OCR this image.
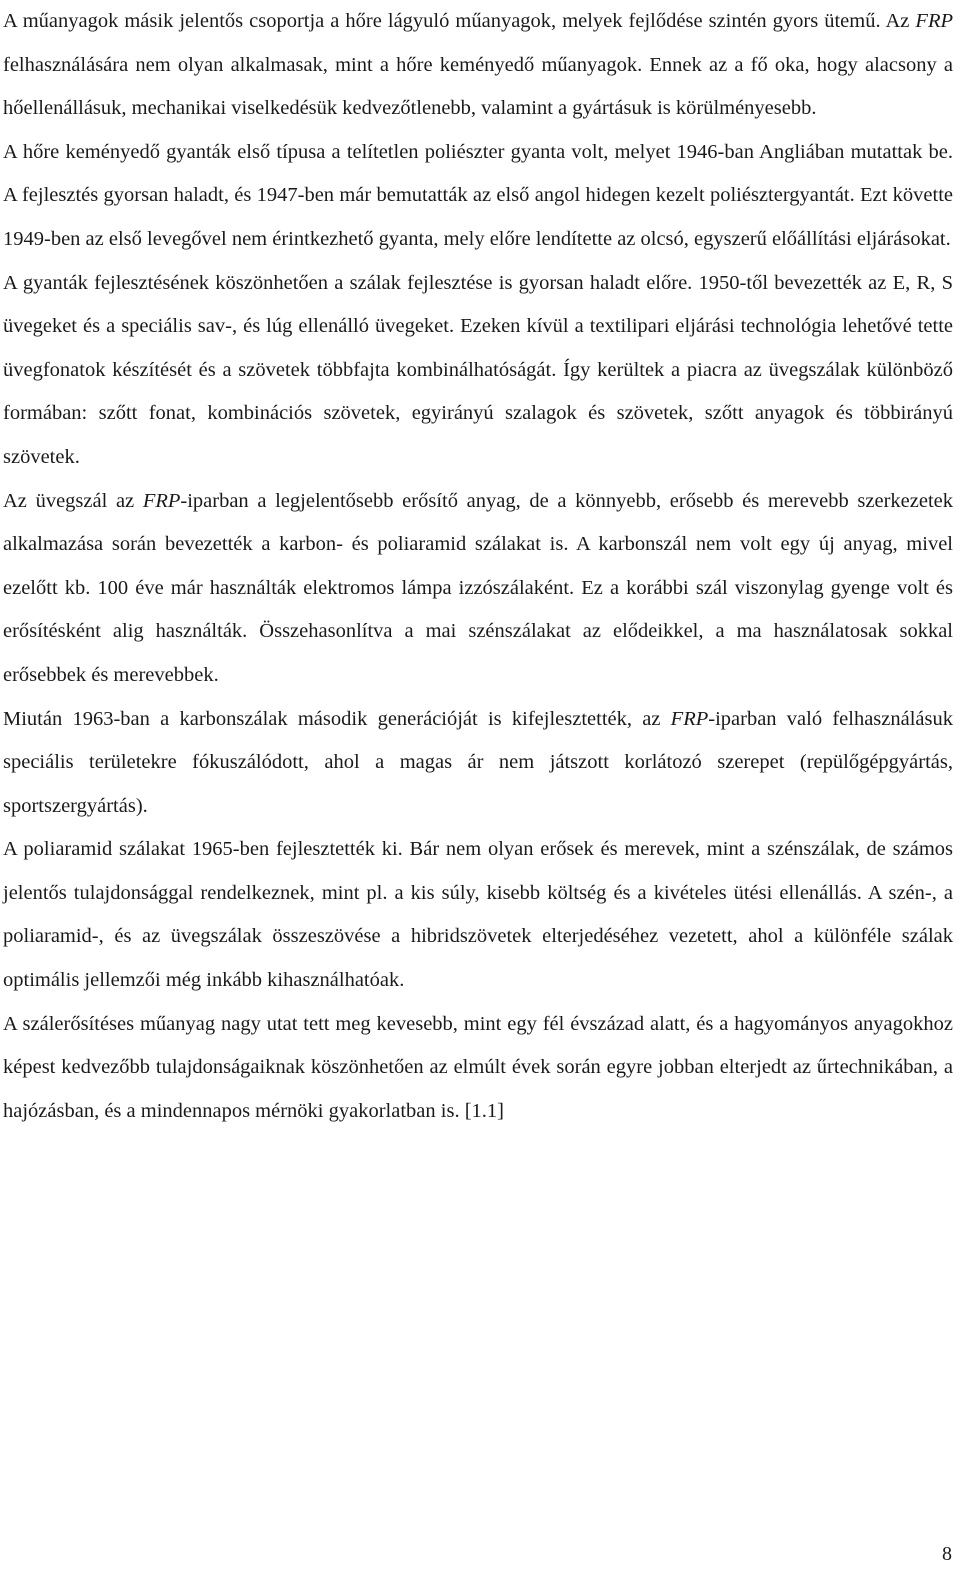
A műanyagok másik jelentős csoportja a hőre lágyuló műanyagok, melyek fejlődése szintén gyors ütemű. Az FRP felhasználására nem olyan alkalmasak, mint a hőre keményedő műanyagok. Ennek az a fő oka, hogy alacsony a hőellenállásuk, mechanikai viselkedésük kedvezőtlenebb, valamint a gyártásuk is körülményesebb.

A hőre keményedő gyanták első típusa a telítetlen poliészter gyanta volt, melyet 1946-ban Angliában mutattak be. A fejlesztés gyorsan haladt, és 1947-ben már bemutatták az első angol hidegen kezelt poliésztergyantát. Ezt követte 1949-ben az első levegővel nem érintkezhető gyanta, mely előre lendítette az olcsó, egyszerű előállítási eljárásokat.

A gyanták fejlesztésének köszönhetően a szálak fejlesztése is gyorsan haladt előre. 1950-től bevezették az E, R, S üvegeket és a speciális sav-, és lúg ellenálló üvegeket. Ezeken kívül a textilipari eljárási technológia lehetővé tette üvegfonatok készítését és a szövetek többfajta kombinálhatóságát. Így kerültek a piacra az üvegszálak különböző formában: szőtt fonat, kombinációs szövetek, egyirányú szalagok és szövetek, szőtt anyagok és többirányú szövetek.

Az üvegszál az FRP-iparban a legjelentősebb erősítő anyag, de a könnyebb, erősebb és merevebb szerkezetek alkalmazása során bevezették a karbon- és poliaramid szálakat is. A karbonszál nem volt egy új anyag, mivel ezelőtt kb. 100 éve már használták elektromos lámpa izzószálaként. Ez a korábbi szál viszonylag gyenge volt és erősítésként alig használták. Összehasonlítva a mai szénszálakat az elődeikkel, a ma használatosak sokkal erősebbek és merevebbek.

Miután 1963-ban a karbonszálak második generációját is kifejlesztették, az FRP-iparban való felhasználásuk speciális területekre fókuszálódott, ahol a magas ár nem játszott korlátozó szerepet (repülőgépgyártás, sportszergyártás).

A poliaramid szálakat 1965-ben fejlesztették ki. Bár nem olyan erősek és merevek, mint a szénszálak, de számos jelentős tulajdonsággal rendelkeznek, mint pl. a kis súly, kisebb költség és a kivételes ütési ellenállás. A szén-, a poliaramid-, és az üvegszálak összeszövése a hibridszövetek elterjedéséhez vezetett, ahol a különféle szálak optimális jellemzői még inkább kihasználhatóak.

A szálerősítéses műanyag nagy utat tett meg kevesebb, mint egy fél évszázad alatt, és a hagyományos anyagokhoz képest kedvezőbb tulajdonságaiknak köszönhetően az elmúlt évek során egyre jobban elterjedt az űrtechnikában, a hajózásban, és a mindennapos mérnöki gyakorlatban is. [1.1]

8
